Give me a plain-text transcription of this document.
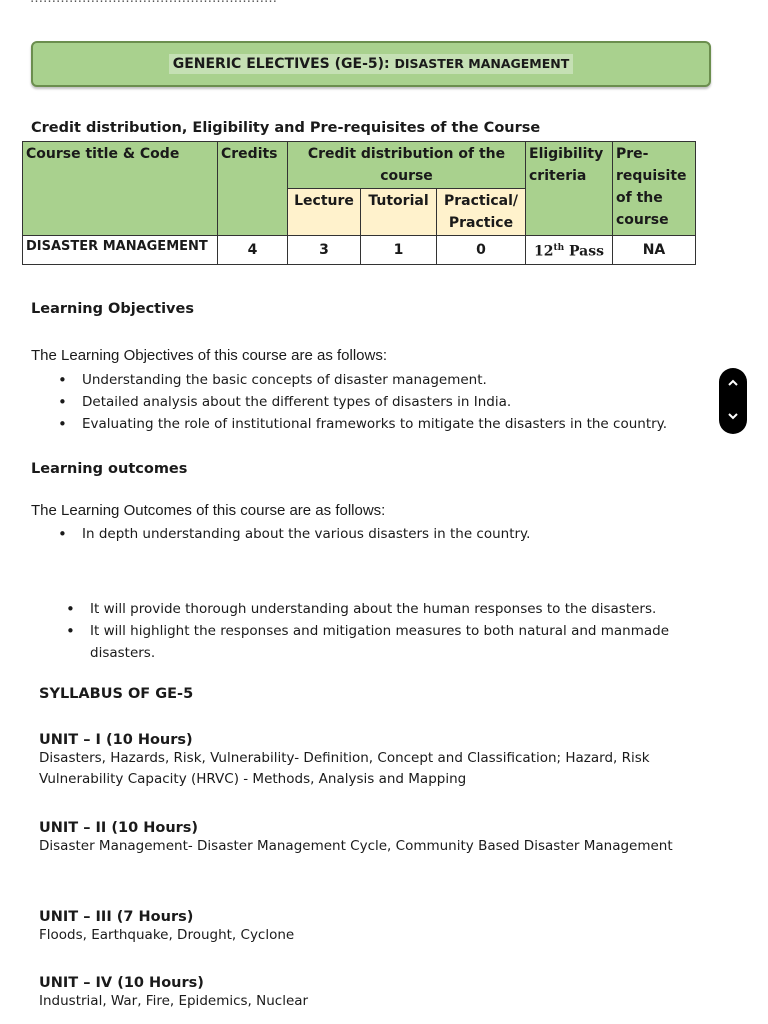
GENERIC ELECTIVES (GE-5): DISASTER MANAGEMENT
Credit distribution, Eligibility and Pre-requisites of the Course
Course title & Code	Credits	Credit distribution of the course			Eligibility criteria	Pre- requisite of the course
		Lecture	Tutorial	Practical/ Practice		
DISASTER MANAGEMENT	4	3	1	0	12th Pass	NA
Learning Objectives
The Learning Objectives of this course are as follows:
• Understanding the basic concepts of disaster management.
• Detailed analysis about the different types of disasters in India.
• Evaluating the role of institutional frameworks to mitigate the disasters in the country.
Learning outcomes
The Learning Outcomes of this course are as follows:
• In depth understanding about the various disasters in the country.
• It will provide thorough understanding about the human responses to the disasters.
• It will highlight the responses and mitigation measures to both natural and manmade disasters.
SYLLABUS OF GE-5
UNIT – I (10 Hours)
Disasters, Hazards, Risk, Vulnerability- Definition, Concept and Classification; Hazard, Risk Vulnerability Capacity (HRVC) - Methods, Analysis and Mapping
UNIT – II (10 Hours)
Disaster Management- Disaster Management Cycle, Community Based Disaster Management
UNIT – III (7 Hours)
Floods, Earthquake, Drought, Cyclone
UNIT – IV (10 Hours)
Industrial, War, Fire, Epidemics, Nuclear
